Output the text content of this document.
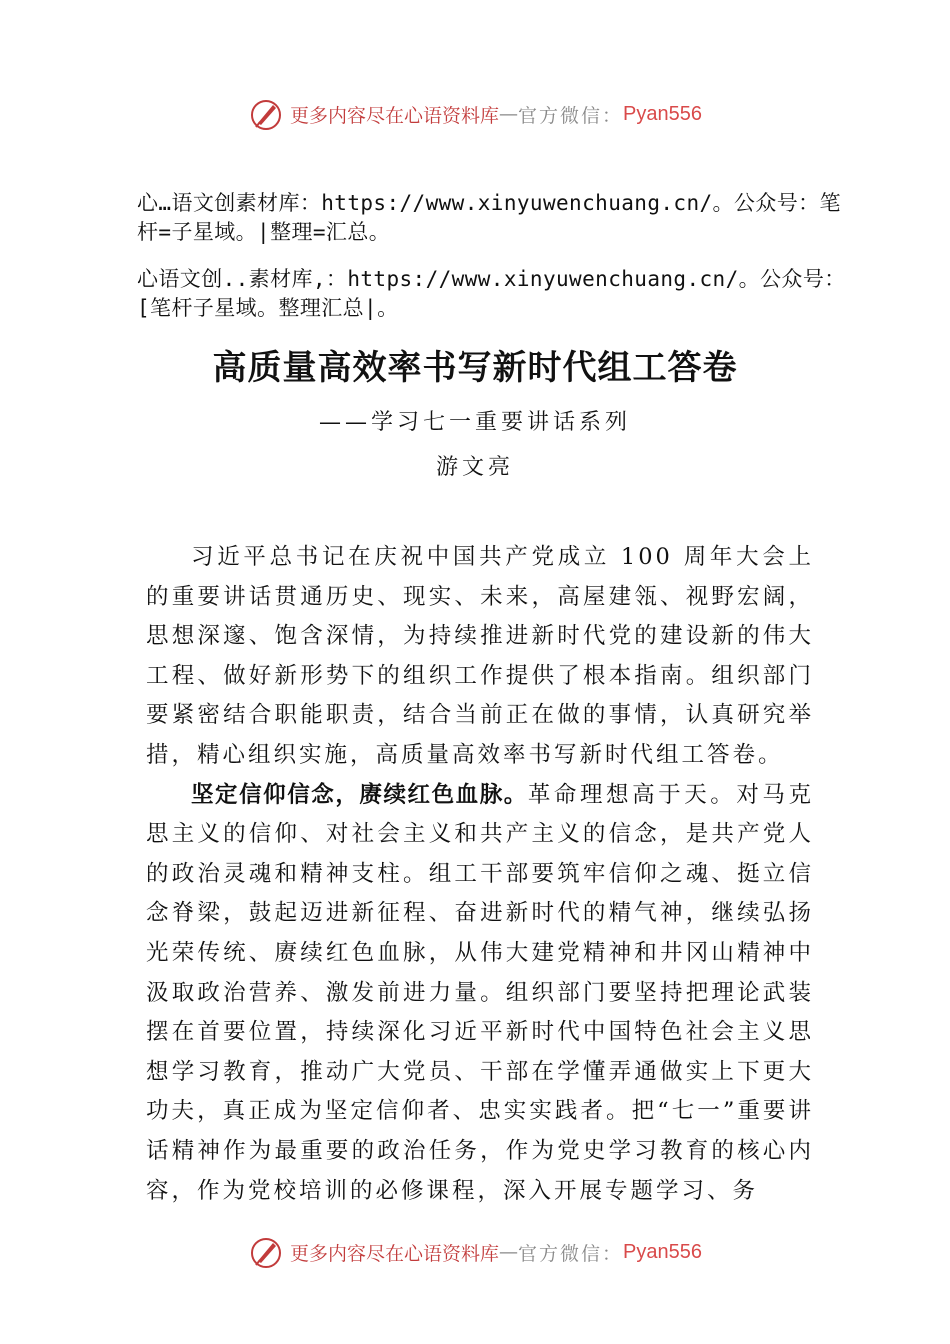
更多内容尽在心语资料库 — 官方微信： Pyan556
心…语文创素材库：https://www.xinyuwenchuang.cn/。公众号：笔杆=子星域。|整理=汇总。
心语文创..素材库,：https://www.xinyuwenchuang.cn/。公众号：[笔杆子星域。整理汇总|。
高质量高效率书写新时代组工答卷
——学习七一重要讲话系列
游文亮

习近平总书记在庆祝中国共产党成立 100 周年大会上的重要讲话贯通历史、现实、未来，高屋建瓴、视野宏阔，思想深邃、饱含深情，为持续推进新时代党的建设新的伟大工程、做好新形势下的组织工作提供了根本指南。组织部门要紧密结合职能职责，结合当前正在做的事情，认真研究举措，精心组织实施，高质量高效率书写新时代组工答卷。

坚定信仰信念，赓续红色血脉。革命理想高于天。对马克思主义的信仰、对社会主义和共产主义的信念，是共产党人的政治灵魂和精神支柱。组工干部要筑牢信仰之魂、挺立信念脊梁，鼓起迈进新征程、奋进新时代的精气神，继续弘扬光荣传统、赓续红色血脉，从伟大建党精神和井冈山精神中汲取政治营养、激发前进力量。组织部门要坚持把理论武装摆在首要位置，持续深化习近平新时代中国特色社会主义思想学习教育，推动广大党员、干部在学懂弄通做实上下更大功夫，真正成为坚定信仰者、忠实实践者。把“七一”重要讲话精神作为最重要的政治任务，作为党史学习教育的核心内容，作为党校培训的必修课程，深入开展专题学习、务

更多内容尽在心语资料库 — 官方微信： Pyan556
